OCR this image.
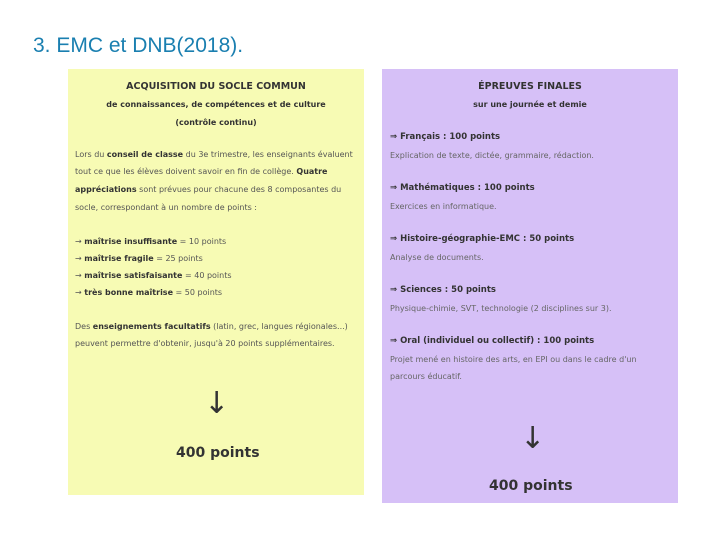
3. EMC et DNB(2018).

ACQUISITION DU SOCLE COMMUN

de connaissances, de compétences et de culture

(contrôle continu)

Lors du conseil de classe du 3e trimestre, les enseignants évaluent

tout ce que les élèves doivent savoir en fin de collège. Quatre

appréciations sont prévues pour chacune des 8 composantes du

socle, correspondant à un nombre de points :

→ maîtrise insuffisante = 10 points

→ maîtrise fragile = 25 points

→ maîtrise satisfaisante = 40 points

→ très bonne maîtrise = 50 points

Des enseignements facultatifs (latin, grec, langues régionales...)

peuvent permettre d'obtenir, jusqu'à 20 points supplémentaires.

↓
400 points

ÉPREUVES FINALES

sur une journée et demie

⇒ Français : 100 points

Explication de texte, dictée, grammaire, rédaction.

⇒ Mathématiques : 100 points

Exercices en informatique.

⇒ Histoire-géographie-EMC : 50 points

Analyse de documents.

⇒ Sciences : 50 points

Physique-chimie, SVT, technologie (2 disciplines sur 3).

⇒ Oral (individuel ou collectif) : 100 points

Projet mené en histoire des arts, en EPI ou dans le cadre d'un

parcours éducatif.

↓
400 points
